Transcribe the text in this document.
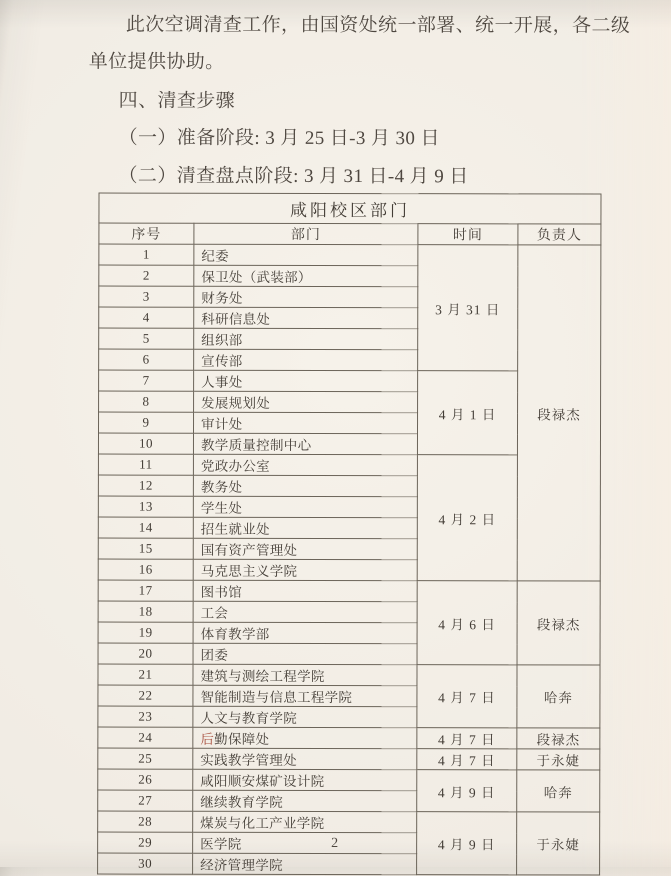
此次空调清查工作，由国资处统一部署、统一开展，各二级

单位提供协助。

四、清查步骤

（一）准备阶段: 3 月 25 日-3 月 30 日

（二）清查盘点阶段: 3 月 31 日-4 月 9 日

咸阳校区部门			
序号	部门	时间	负责人
1	纪委	3 月 31 日	段禄杰
2	保卫处（武装部）		
3	财务处		
4	科研信息处		
5	组织部		
6	宣传部		
7	人事处	4 月 1 日	
8	发展规划处		
9	审计处		
10	教学质量控制中心		
11	党政办公室	4 月 2 日	
12	教务处		
13	学生处		
14	招生就业处		
15	国有资产管理处		
16	马克思主义学院		
17	图书馆	4 月 6 日	段禄杰
18	工会		
19	体育教学部		
20	团委		
21	建筑与测绘工程学院	4 月 7 日	哈奔
22	智能制造与信息工程学院		
23	人文与教育学院		
24	后勤保障处	4 月 7 日	段禄杰
25	实践教学管理处	4 月 7 日	于永婕
26	咸阳顺安煤矿设计院	4 月 9 日	哈奔
27	继续教育学院		
28	煤炭与化工产业学院	4 月 9 日	于永婕
29	医学院		
30	经济管理学院		
2
